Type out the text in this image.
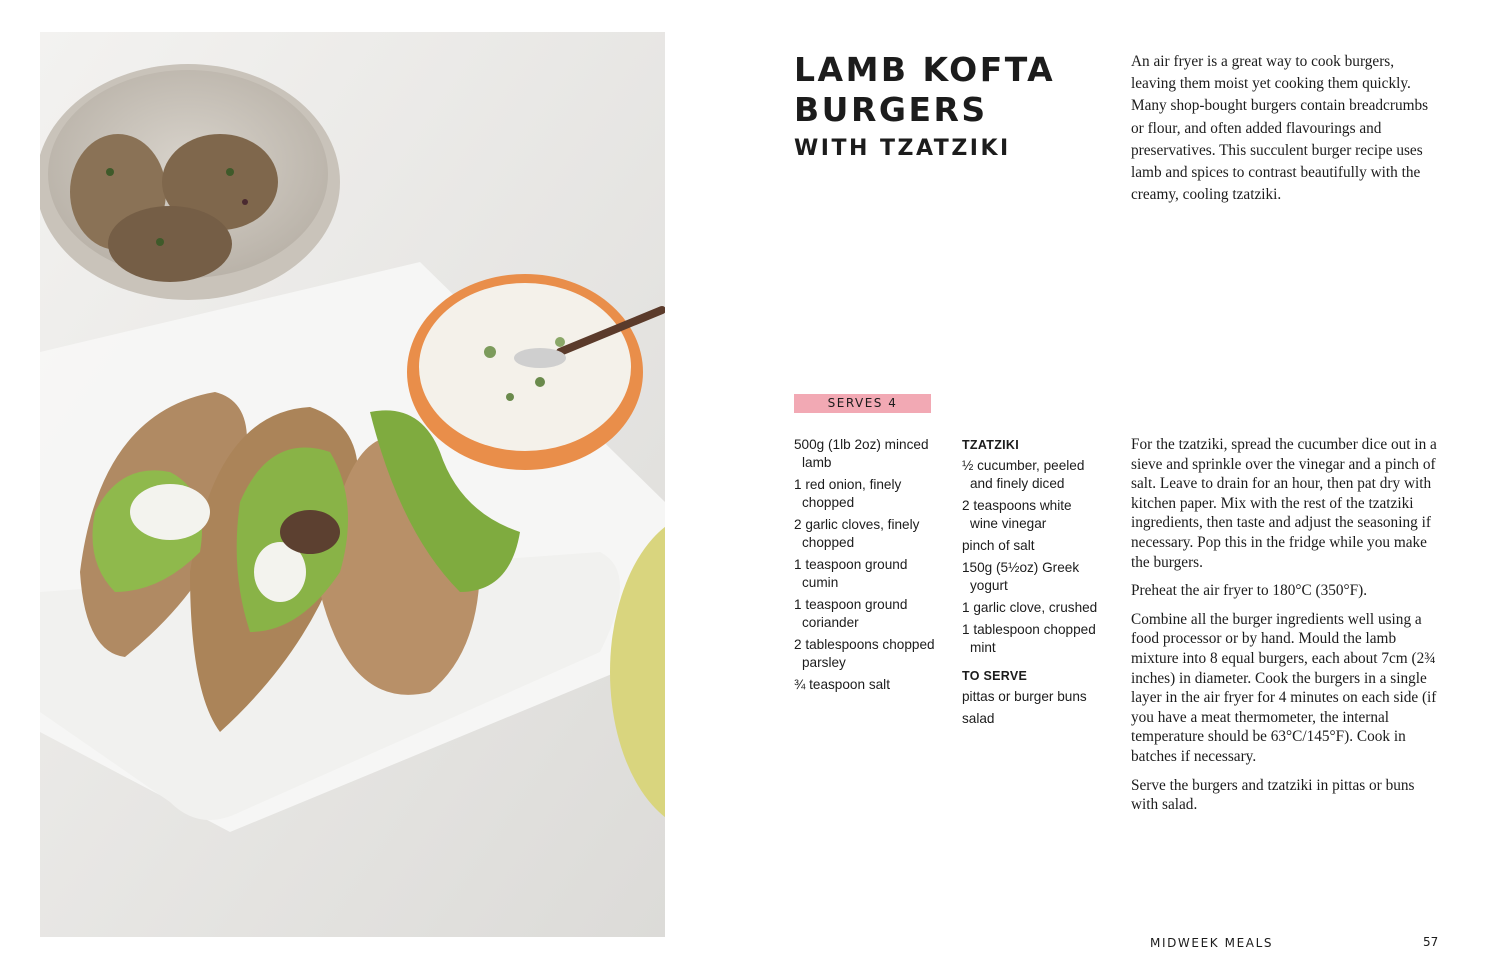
LAMB KOFTA
BURGERS
WITH TZATZIKI
An air fryer is a great way to cook burgers, leaving them moist yet cooking them quickly. Many shop-bought burgers contain breadcrumbs or flour, and often added flavourings and preservatives. This succulent burger recipe uses lamb and spices to contrast beautifully with the creamy, cooling tzatziki.
SERVES 4
500g (1lb 2oz) minced lamb
1 red onion, finely chopped
2 garlic cloves, finely chopped
1 teaspoon ground cumin
1 teaspoon ground coriander
2 tablespoons chopped parsley
¾ teaspoon salt
TZATZIKI
½ cucumber, peeled and finely diced
2 teaspoons white wine vinegar
pinch of salt
150g (5½oz) Greek yogurt
1 garlic clove, crushed
1 tablespoon chopped mint
TO SERVE
pittas or burger buns
salad

For the tzatziki, spread the cucumber dice out in a sieve and sprinkle over the vinegar and a pinch of salt. Leave to drain for an hour, then pat dry with kitchen paper. Mix with the rest of the tzatziki ingredients, then taste and adjust the seasoning if necessary. Pop this in the fridge while you make the burgers.

Preheat the air fryer to 180°C (350°F).

Combine all the burger ingredients well using a food processor or by hand. Mould the lamb mixture into 8 equal burgers, each about 7cm (2¾ inches) in diameter. Cook the burgers in a single layer in the air fryer for 4 minutes on each side (if you have a meat thermometer, the internal temperature should be 63°C/145°F). Cook in batches if necessary.

Serve the burgers and tzatziki in pittas or buns with salad.

MIDWEEK MEALS	57
